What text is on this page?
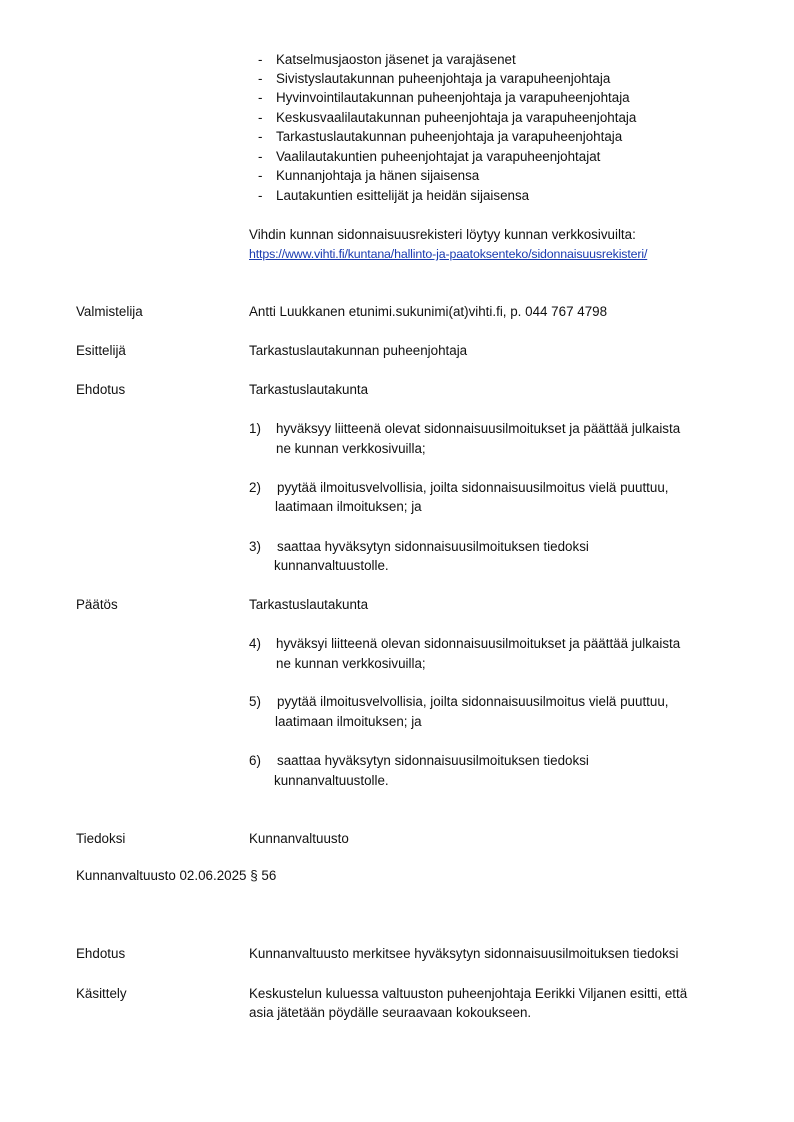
- Katselmusjaoston jäsenet ja varajäsenet
- Sivistyslautakunnan puheenjohtaja ja varapuheenjohtaja
- Hyvinvointilautakunnan puheenjohtaja ja varapuheenjohtaja
- Keskusvaalilautakunnan puheenjohtaja ja varapuheenjohtaja
- Tarkastuslautakunnan puheenjohtaja ja varapuheenjohtaja
- Vaalilautakuntien puheenjohtajat ja varapuheenjohtajat
- Kunnanjohtaja ja hänen sijaisensa
- Lautakuntien esittelijät ja heidän sijaisensa
Vihdin kunnan sidonnaisuusrekisteri löytyy kunnan verkkosivuilta:
https://www.vihti.fi/kuntana/hallinto-ja-paatoksenteko/sidonnaisuusrekisteri/
Valmistelija	Antti Luukkanen etunimi.sukunimi(at)vihti.fi, p. 044 767 4798
Esittelijä	Tarkastuslautakunnan puheenjohtaja
Ehdotus	Tarkastuslautakunta
1) hyväksyy liitteenä olevat sidonnaisuusilmoitukset ja päättää julkaista
ne kunnan verkkosivuilla;
2) pyytää ilmoitusvelvollisia, joilta sidonnaisuusilmoitus vielä puuttuu,
laatimaan ilmoituksen; ja
3) saattaa hyväksytyn sidonnaisuusilmoituksen tiedoksi
kunnanvaltuustolle.
Päätös	Tarkastuslautakunta
4) hyväksyi liitteenä olevan sidonnaisuusilmoitukset ja päättää julkaista
ne kunnan verkkosivuilla;
5) pyytää ilmoitusvelvollisia, joilta sidonnaisuusilmoitus vielä puuttuu,
laatimaan ilmoituksen; ja
6) saattaa hyväksytyn sidonnaisuusilmoituksen tiedoksi
kunnanvaltuustolle.
Tiedoksi	Kunnanvaltuusto
Kunnanvaltuusto 02.06.2025 § 56
Ehdotus	Kunnanvaltuusto merkitsee hyväksytyn sidonnaisuusilmoituksen tiedoksi
Käsittely	Keskustelun kuluessa valtuuston puheenjohtaja Eerikki Viljanen esitti, että
asia jätetään pöydälle seuraavaan kokoukseen.
